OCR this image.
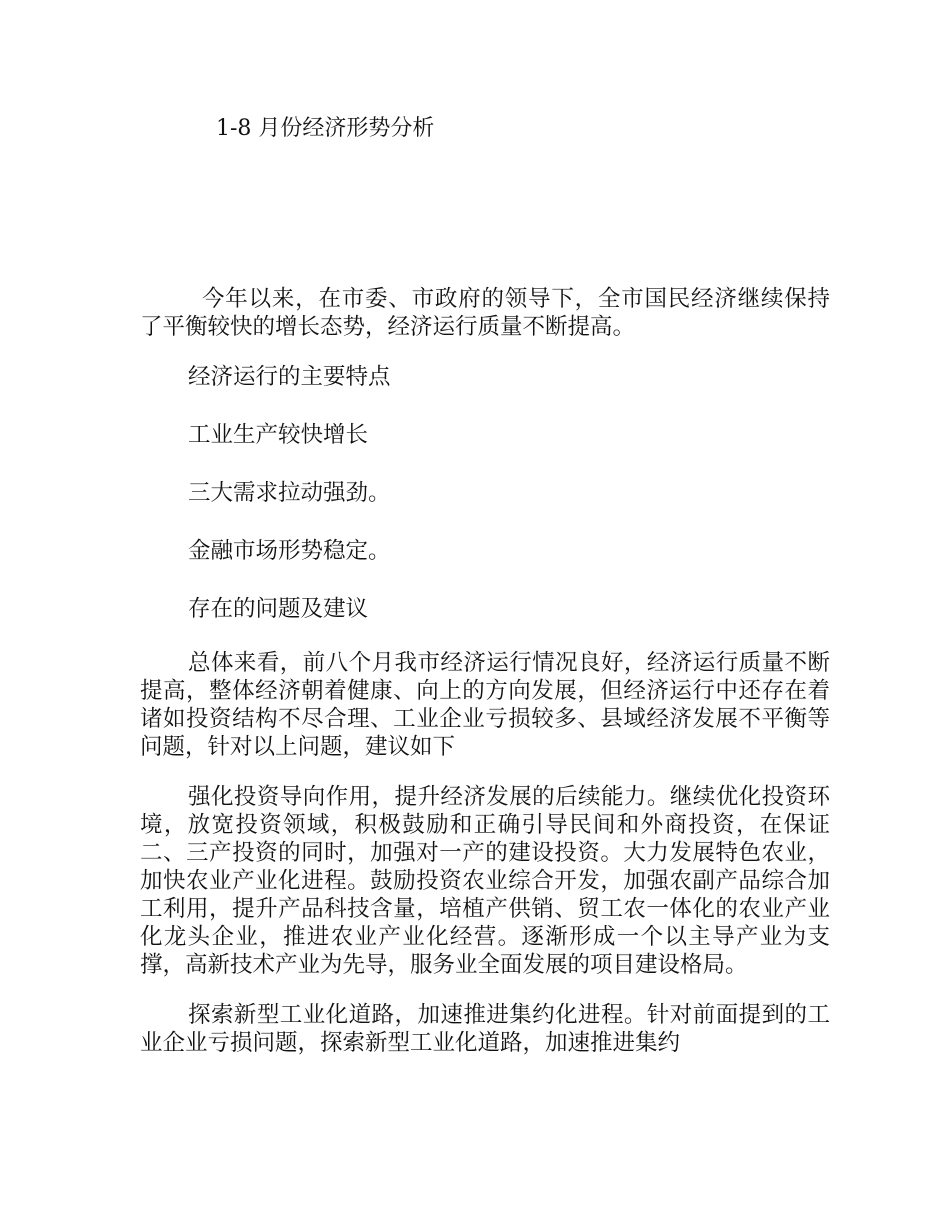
1-8 月份经济形势分析

今年以来，在市委、市政府的领导下，全市国民经济继续保持了平衡较快的增长态势，经济运行质量不断提高。

经济运行的主要特点

工业生产较快增长

三大需求拉动强劲。

金融市场形势稳定。

存在的问题及建议

总体来看，前八个月我市经济运行情况良好，经济运行质量不断提高，整体经济朝着健康、向上的方向发展，但经济运行中还存在着诸如投资结构不尽合理、工业企业亏损较多、县域经济发展不平衡等问题，针对以上问题，建议如下

强化投资导向作用，提升经济发展的后续能力。继续优化投资环境，放宽投资领域，积极鼓励和正确引导民间和外商投资，在保证二、三产投资的同时，加强对一产的建设投资。大力发展特色农业，加快农业产业化进程。鼓励投资农业综合开发，加强农副产品综合加工利用，提升产品科技含量，培植产供销、贸工农一体化的农业产业化龙头企业，推进农业产业化经营。逐渐形成一个以主导产业为支撑，高新技术产业为先导，服务业全面发展的项目建设格局。

探索新型工业化道路，加速推进集约化进程。针对前面提到的工业企业亏损问题，探索新型工业化道路，加速推进集约
